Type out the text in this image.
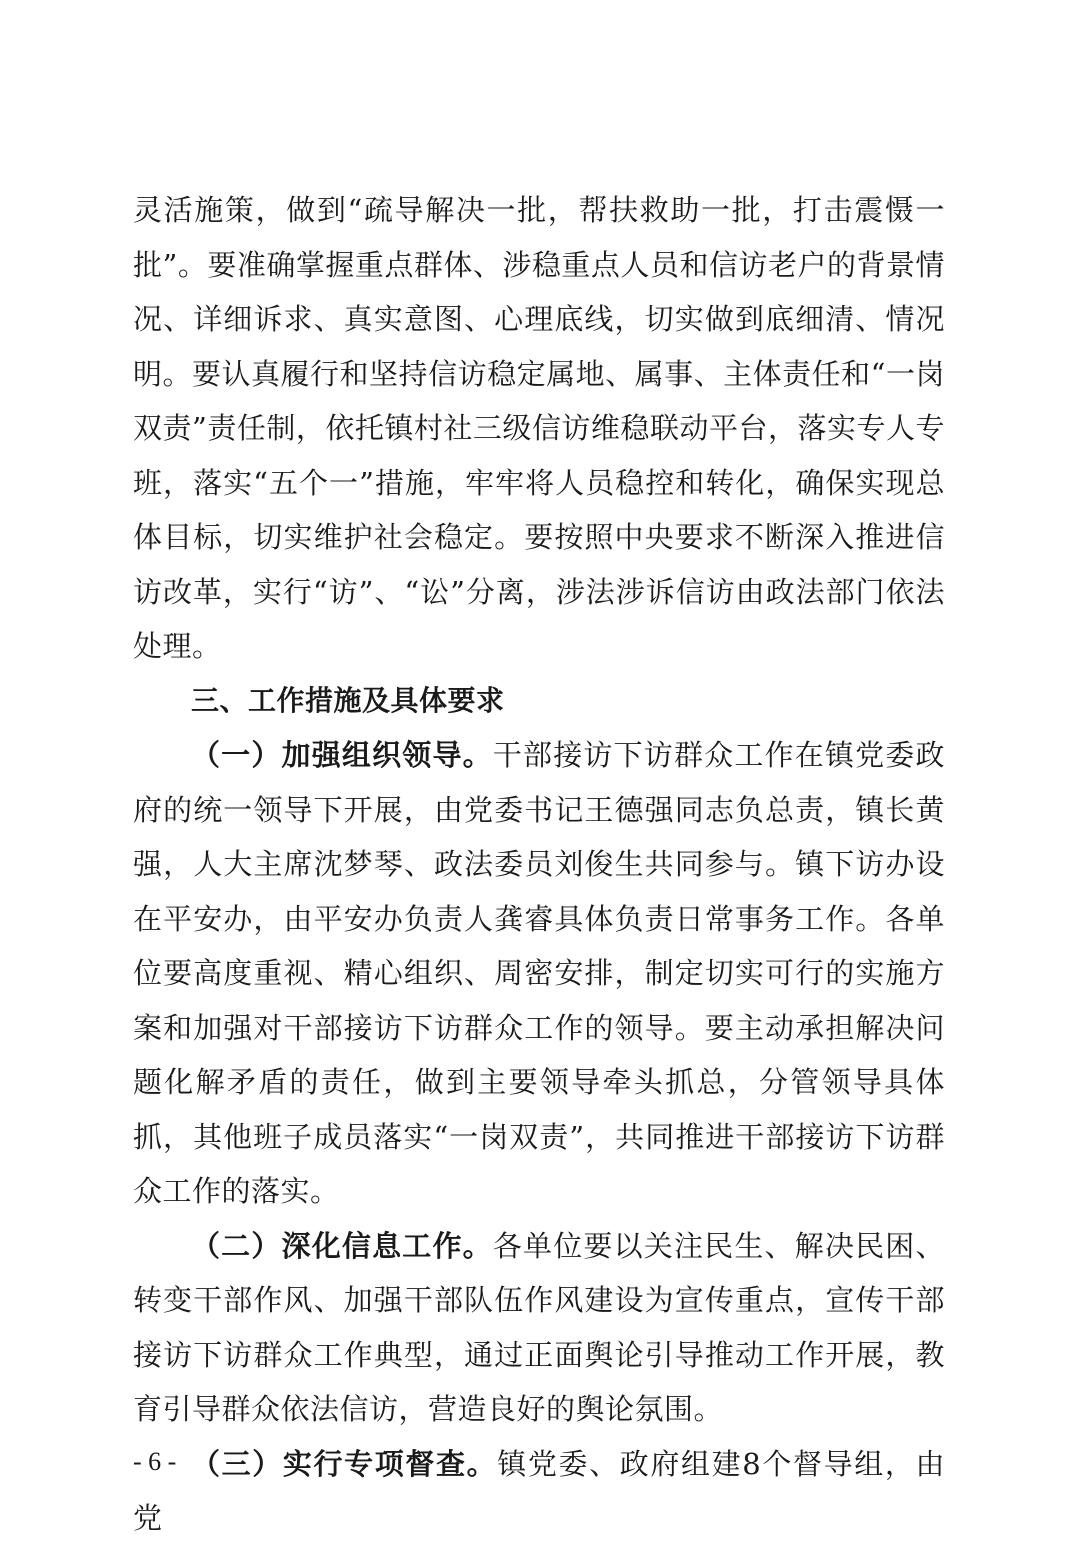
灵活施策，做到“疏导解决一批，帮扶救助一批，打击震慑一批”。要准确掌握重点群体、涉稳重点人员和信访老户的背景情况、详细诉求、真实意图、心理底线，切实做到底细清、情况明。要认真履行和坚持信访稳定属地、属事、主体责任和“一岗双责”责任制，依托镇村社三级信访维稳联动平台，落实专人专班，落实“五个一”措施，牢牢将人员稳控和转化，确保实现总体目标，切实维护社会稳定。要按照中央要求不断深入推进信访改革，实行“访”、“讼”分离，涉法涉诉信访由政法部门依法处理。

三、工作措施及具体要求

（一）加强组织领导。干部接访下访群众工作在镇党委政府的统一领导下开展，由党委书记王德强同志负总责，镇长黄强，人大主席沈梦琴、政法委员刘俊生共同参与。镇下访办设在平安办，由平安办负责人龚睿具体负责日常事务工作。各单位要高度重视、精心组织、周密安排，制定切实可行的实施方案和加强对干部接访下访群众工作的领导。要主动承担解决问题化解矛盾的责任，做到主要领导牵头抓总，分管领导具体抓，其他班子成员落实“一岗双责”，共同推进干部接访下访群众工作的落实。

（二）深化信息工作。各单位要以关注民生、解决民困、转变干部作风、加强干部队伍作风建设为宣传重点，宣传干部接访下访群众工作典型，通过正面舆论引导推动工作开展，教育引导群众依法信访，营造良好的舆论氛围。

（三）实行专项督查。镇党委、政府组建8个督导组，由党

- 6 -
